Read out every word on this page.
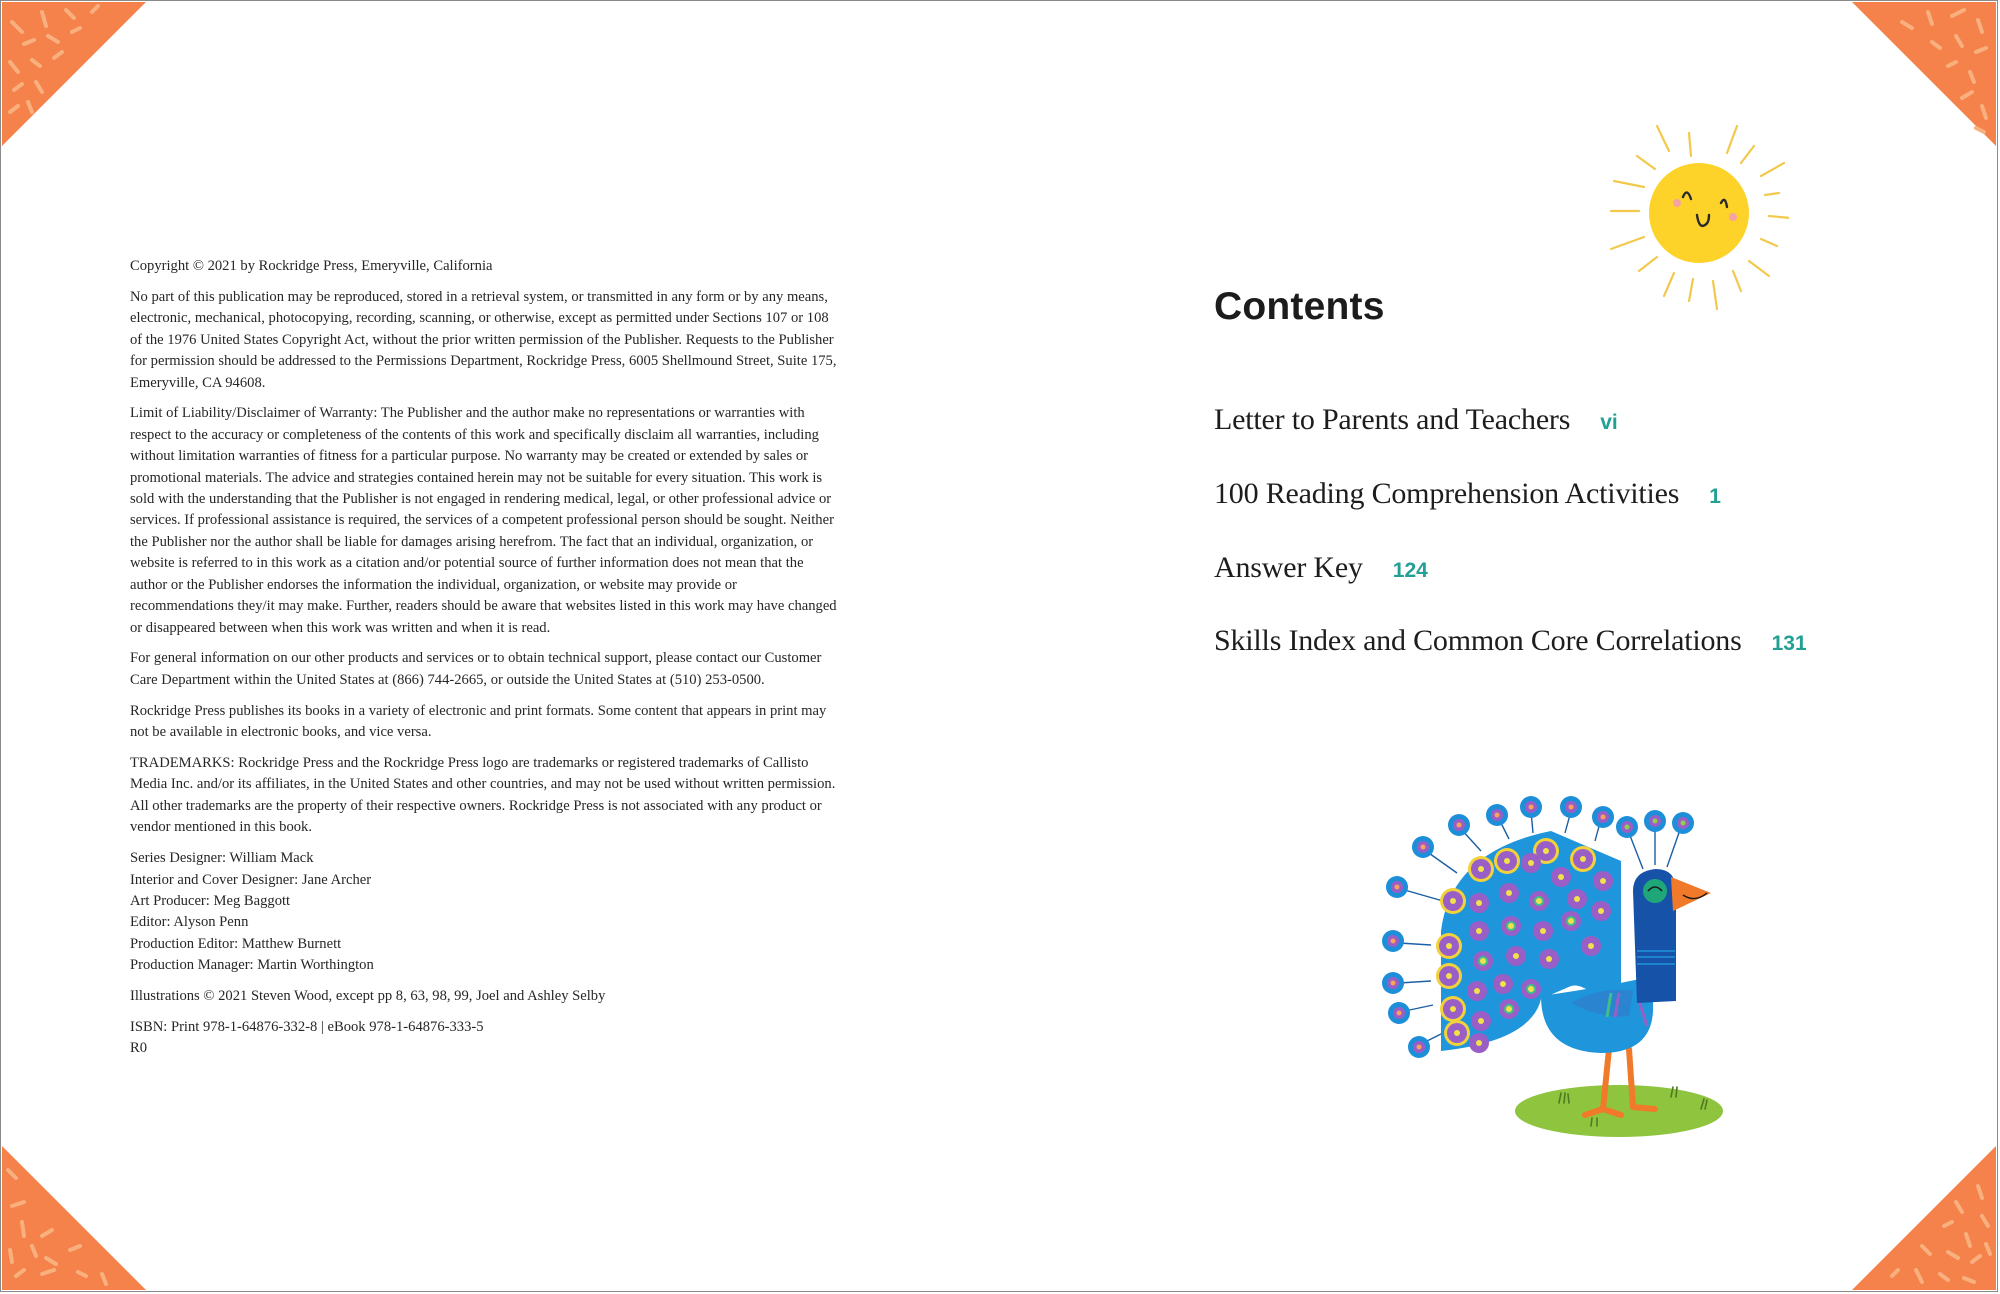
Copyright © 2021 by Rockridge Press, Emeryville, California

No part of this publication may be reproduced, stored in a retrieval system, or transmitted in any form or by any means, electronic, mechanical, photocopying, recording, scanning, or otherwise, except as permitted under Sections 107 or 108 of the 1976 United States Copyright Act, without the prior written permission of the Publisher. Requests to the Publisher for permission should be addressed to the Permissions Department, Rockridge Press, 6005 Shellmound Street, Suite 175, Emeryville, CA 94608.

Limit of Liability/Disclaimer of Warranty: The Publisher and the author make no representations or warranties with respect to the accuracy or completeness of the contents of this work and specifically disclaim all warranties, including without limitation warranties of fitness for a particular purpose. No warranty may be created or extended by sales or promotional materials. The advice and strategies contained herein may not be suitable for every situation. This work is sold with the understanding that the Publisher is not engaged in rendering medical, legal, or other professional advice or services. If professional assistance is required, the services of a competent professional person should be sought. Neither the Publisher nor the author shall be liable for damages arising herefrom. The fact that an individual, organization, or website is referred to in this work as a citation and/or potential source of further information does not mean that the author or the Publisher endorses the information the individual, organization, or website may provide or recommendations they/it may make. Further, readers should be aware that websites listed in this work may have changed or disappeared between when this work was written and when it is read.

For general information on our other products and services or to obtain technical support, please contact our Customer Care Department within the United States at (866) 744-2665, or outside the United States at (510) 253-0500.

Rockridge Press publishes its books in a variety of electronic and print formats. Some content that appears in print may not be available in electronic books, and vice versa.

TRADEMARKS: Rockridge Press and the Rockridge Press logo are trademarks or registered trademarks of Callisto Media Inc. and/or its affiliates, in the United States and other countries, and may not be used without written permission. All other trademarks are the property of their respective owners. Rockridge Press is not associated with any product or vendor mentioned in this book.

Series Designer: William Mack

Interior and Cover Designer: Jane Archer

Art Producer: Meg Baggott

Editor: Alyson Penn

Production Editor: Matthew Burnett

Production Manager: Martin Worthington

Illustrations © 2021 Steven Wood, except pp 8, 63, 98, 99, Joel and Ashley Selby

ISBN: Print 978-1-64876-332-8 | eBook 978-1-64876-333-5

R0

Contents
Letter to Parents and Teachers vi
100 Reading Comprehension Activities 1
Answer Key 124
Skills Index and Common Core Correlations 131
